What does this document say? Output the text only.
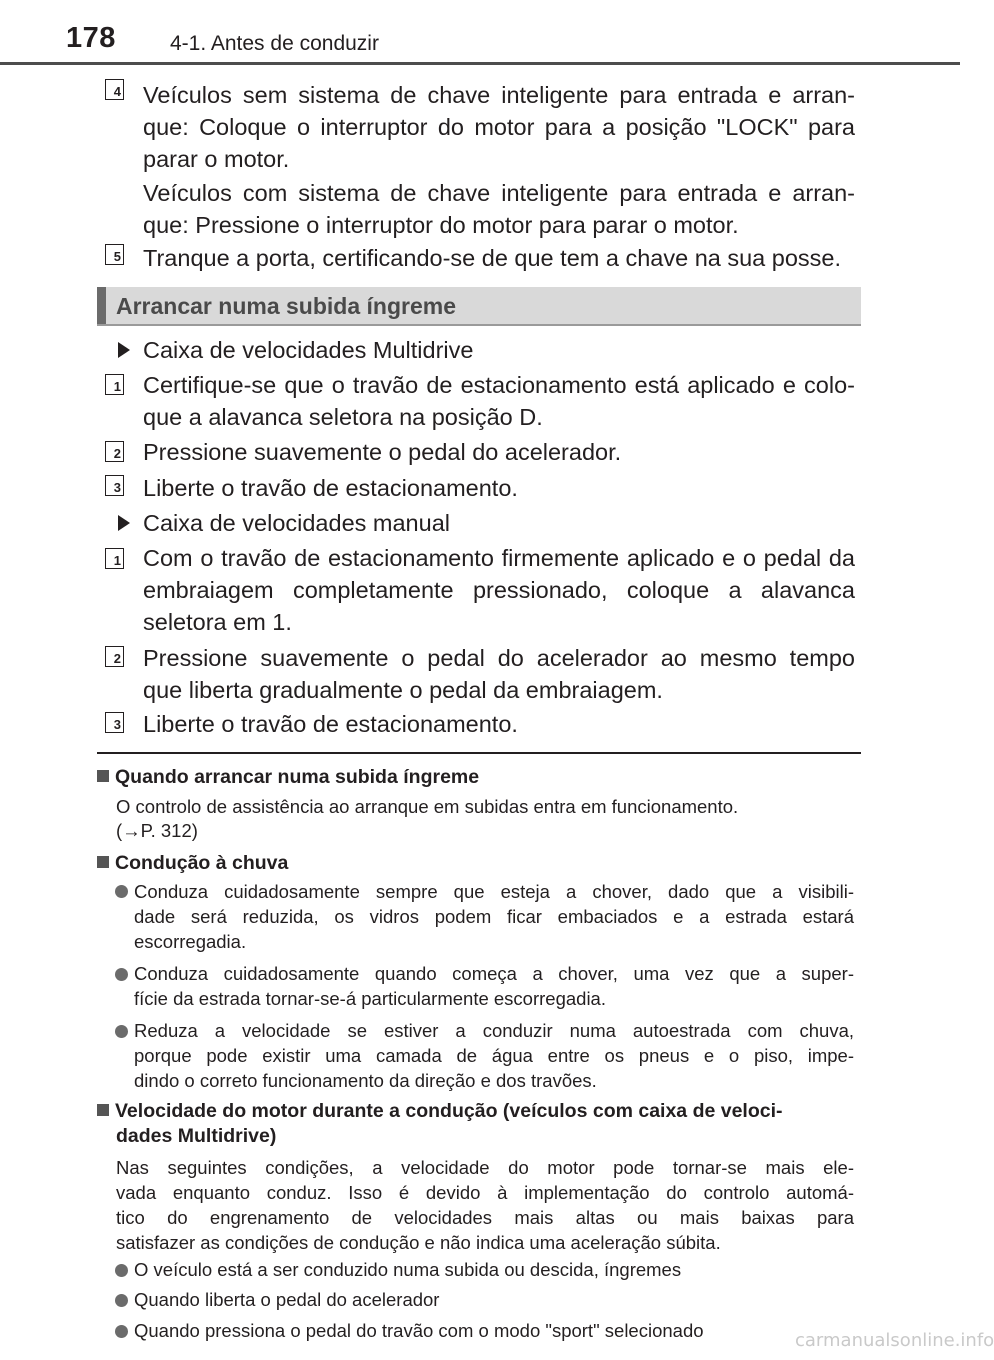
178	4-1. Antes de conduzir
4 Veículos sem sistema de chave inteligente para entrada e arran-
que: Coloque o interruptor do motor para a posição "LOCK" para
parar o motor.
Veículos com sistema de chave inteligente para entrada e arran-
que: Pressione o interruptor do motor para parar o motor.
5 Tranque a porta, certificando-se de que tem a chave na sua posse.
Arrancar numa subida íngreme
Caixa de velocidades Multidrive
1 Certifique-se que o travão de estacionamento está aplicado e colo-
que a alavanca seletora na posição D.
2 Pressione suavemente o pedal do acelerador.
3 Liberte o travão de estacionamento.
Caixa de velocidades manual
1 Com o travão de estacionamento firmemente aplicado e o pedal da
embraiagem completamente pressionado, coloque a alavanca
seletora em 1.
2 Pressione suavemente o pedal do acelerador ao mesmo tempo
que liberta gradualmente o pedal da embraiagem.
3 Liberte o travão de estacionamento.
Quando arrancar numa subida íngreme
O controlo de assistência ao arranque em subidas entra em funcionamento.
(→P. 312)
Condução à chuva
Conduza cuidadosamente sempre que esteja a chover, dado que a visibili-
dade será reduzida, os vidros podem ficar embaciados e a estrada estará
escorregadia.
Conduza cuidadosamente quando começa a chover, uma vez que a super-
fície da estrada tornar-se-á particularmente escorregadia.
Reduza a velocidade se estiver a conduzir numa autoestrada com chuva,
porque pode existir uma camada de água entre os pneus e o piso, impe-
dindo o correto funcionamento da direção e dos travões.
Velocidade do motor durante a condução (veículos com caixa de veloci-
dades Multidrive)
Nas seguintes condições, a velocidade do motor pode tornar-se mais ele-
vada enquanto conduz. Isso é devido à implementação do controlo automá-
tico do engrenamento de velocidades mais altas ou mais baixas para
satisfazer as condições de condução e não indica uma aceleração súbita.
O veículo está a ser conduzido numa subida ou descida, íngremes
Quando liberta o pedal do acelerador
Quando pressiona o pedal do travão com o modo "sport" selecionado	carmanualsonline.info
